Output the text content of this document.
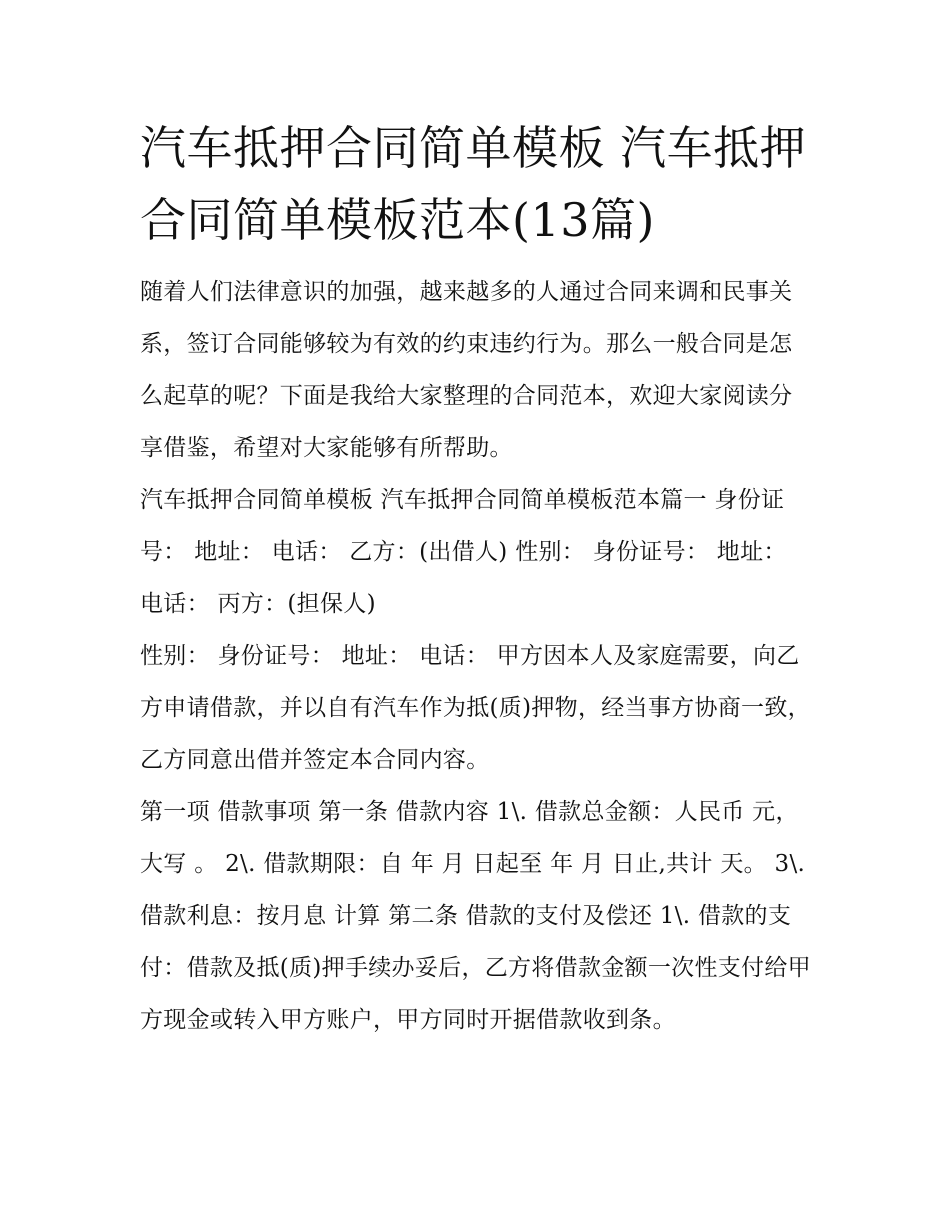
汽车抵押合同简单模板 汽车抵押合同简单模板范本(13篇)

随着人们法律意识的加强，越来越多的人通过合同来调和民事关系，签订合同能够较为有效的约束违约行为。那么一般合同是怎么起草的呢？下面是我给大家整理的合同范本，欢迎大家阅读分享借鉴，希望对大家能够有所帮助。

汽车抵押合同简单模板 汽车抵押合同简单模板范本篇一 身份证号： 地址： 电话： 乙方：(出借人) 性别： 身份证号： 地址： 电话： 丙方：(担保人)

性别： 身份证号： 地址： 电话： 甲方因本人及家庭需要，向乙方申请借款，并以自有汽车作为抵(质)押物，经当事方协商一致，乙方同意出借并签定本合同内容。

第一项 借款事项 第一条 借款内容 1\. 借款总金额：人民币 元，大写 。 2\. 借款期限：自 年 月 日起至 年 月 日止,共计 天。 3\.

借款利息：按月息 计算 第二条 借款的支付及偿还 1\. 借款的支付：借款及抵(质)押手续办妥后，乙方将借款金额一次性支付给甲方现金或转入甲方账户，甲方同时开据借款收到条。
